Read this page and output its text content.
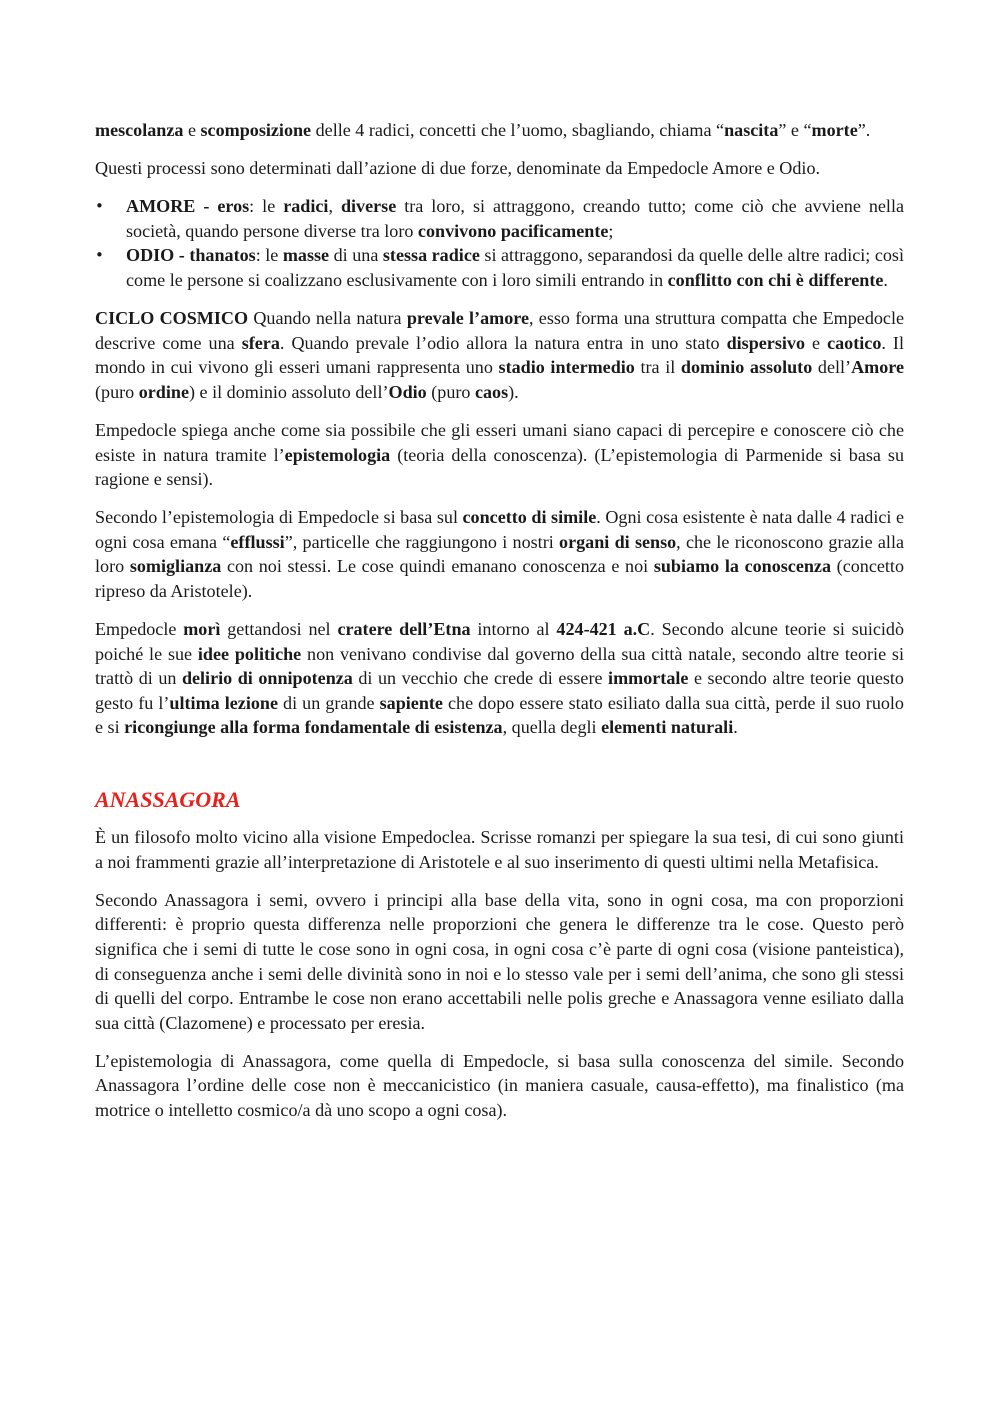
mescolanza e scomposizione delle 4 radici, concetti che l’uomo, sbagliando, chiama “nascita” e “morte”.

Questi processi sono determinati dall’azione di due forze, denominate da Empedocle Amore e Odio.

• AMORE - eros: le radici, diverse tra loro, si attraggono, creando tutto; come ciò che avviene nella società, quando persone diverse tra loro convivono pacificamente;
• ODIO - thanatos: le masse di una stessa radice si attraggono, separandosi da quelle delle altre radici; così come le persone si coalizzano esclusivamente con i loro simili entrando in conflitto con chi è differente.

CICLO COSMICO Quando nella natura prevale l’amore, esso forma una struttura compatta che Empedocle descrive come una sfera. Quando prevale l’odio allora la natura entra in uno stato dispersivo e caotico. Il mondo in cui vivono gli esseri umani rappresenta uno stadio intermedio tra il dominio assoluto dell’Amore (puro ordine) e il dominio assoluto dell’Odio (puro caos).

Empedocle spiega anche come sia possibile che gli esseri umani siano capaci di percepire e conoscere ciò che esiste in natura tramite l’epistemologia (teoria della conoscenza). (L’epistemologia di Parmenide si basa su ragione e sensi).

Secondo l’epistemologia di Empedocle si basa sul concetto di simile. Ogni cosa esistente è nata dalle 4 radici e ogni cosa emana “efflussi”, particelle che raggiungono i nostri organi di senso, che le riconoscono grazie alla loro somiglianza con noi stessi. Le cose quindi emanano conoscenza e noi subiamo la conoscenza (concetto ripreso da Aristotele).

Empedocle morì gettandosi nel cratere dell’Etna intorno al 424-421 a.C. Secondo alcune teorie si suicidò poiché le sue idee politiche non venivano condivise dal governo della sua città natale, secondo altre teorie si trattò di un delirio di onnipotenza di un vecchio che crede di essere immortale e secondo altre teorie questo gesto fu l’ultima lezione di un grande sapiente che dopo essere stato esiliato dalla sua città, perde il suo ruolo e si ricongiunge alla forma fondamentale di esistenza, quella degli elementi naturali.

ANASSAGORA

È un filosofo molto vicino alla visione Empedoclea. Scrisse romanzi per spiegare la sua tesi, di cui sono giunti a noi frammenti grazie all’interpretazione di Aristotele e al suo inserimento di questi ultimi nella Metafisica.

Secondo Anassagora i semi, ovvero i principi alla base della vita, sono in ogni cosa, ma con proporzioni differenti: è proprio questa differenza nelle proporzioni che genera le differenze tra le cose. Questo però significa che i semi di tutte le cose sono in ogni cosa, in ogni cosa c’è parte di ogni cosa (visione panteistica), di conseguenza anche i semi delle divinità sono in noi e lo stesso vale per i semi dell’anima, che sono gli stessi di quelli del corpo. Entrambe le cose non erano accettabili nelle polis greche e Anassagora venne esiliato dalla sua città (Clazomene) e processato per eresia.

L’epistemologia di Anassagora, come quella di Empedocle, si basa sulla conoscenza del simile. Secondo Anassagora l’ordine delle cose non è meccanicistico (in maniera casuale, causa-effetto), ma finalistico (ma motrice o intelletto cosmico/a dà uno scopo a ogni cosa).
